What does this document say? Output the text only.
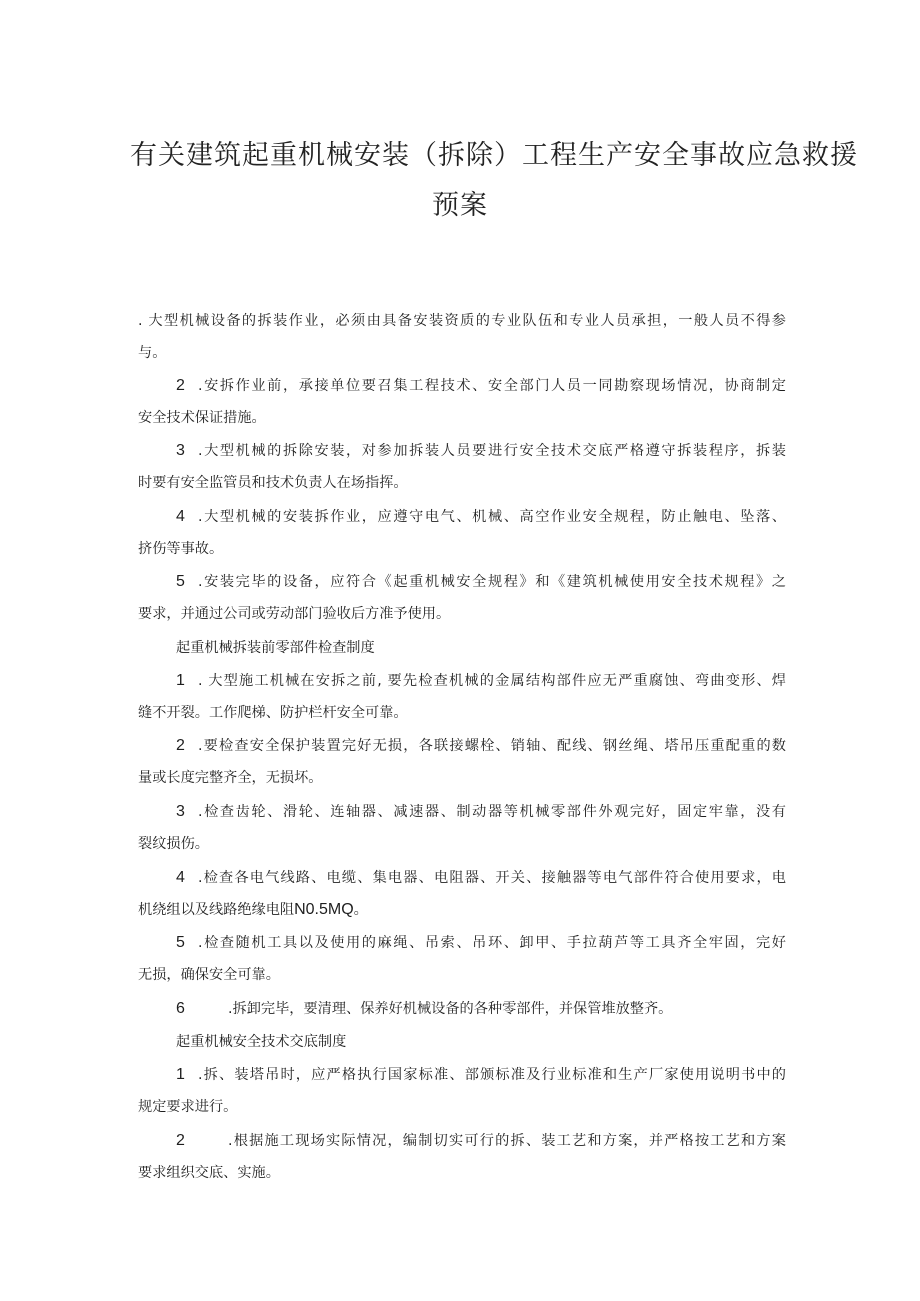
有关建筑起重机械安装（拆除）工程生产安全事故应急救援
预案
. 大型机械设备的拆装作业，必须由具备安装资质的专业队伍和专业人员承担，一般人员不得参
与。
2 .安拆作业前，承接单位要召集工程技术、安全部门人员一同勘察现场情况，协商制定
安全技术保证措施。
3 .大型机械的拆除安装，对参加拆装人员要进行安全技术交底严格遵守拆装程序，拆装
时要有安全监管员和技术负责人在场指挥。
4 .大型机械的安装拆作业，应遵守电气、机械、高空作业安全规程，防止触电、坠落、
挤伤等事故。
5 .安装完毕的设备，应符合《起重机械安全规程》和《建筑机械使用安全技术规程》之
要求，并通过公司或劳动部门验收后方准予使用。
起重机械拆装前零部件检查制度
1 . 大型施工机械在安拆之前, 要先检查机械的金属结构部件应无严重腐蚀、弯曲变形、焊
缝不开裂。工作爬梯、防护栏杆安全可靠。
2 .要检查安全保护装置完好无损，各联接螺栓、销轴、配线、钢丝绳、塔吊压重配重的数
量或长度完整齐全，无损坏。
3 .检查齿轮、滑轮、连轴器、减速器、制动器等机械零部件外观完好，固定牢靠，没有
裂纹损伤。
4 .检查各电气线路、电缆、集电器、电阻器、开关、接触器等电气部件符合使用要求，电
机绕组以及线路绝缘电阻N0.5MQ。
5 .检查随机工具以及使用的麻绳、吊索、吊环、卸甲、手拉葫芦等工具齐全牢固，完好
无损，确保安全可靠。
6	.拆卸完毕，要清理、保养好机械设备的各种零部件，并保管堆放整齐。
起重机械安全技术交底制度
1 .拆、装塔吊时，应严格执行国家标准、部颁标准及行业标准和生产厂家使用说明书中的
规定要求进行。
2	.根据施工现场实际情况，编制切实可行的拆、装工艺和方案，并严格按工艺和方案
要求组织交底、实施。
